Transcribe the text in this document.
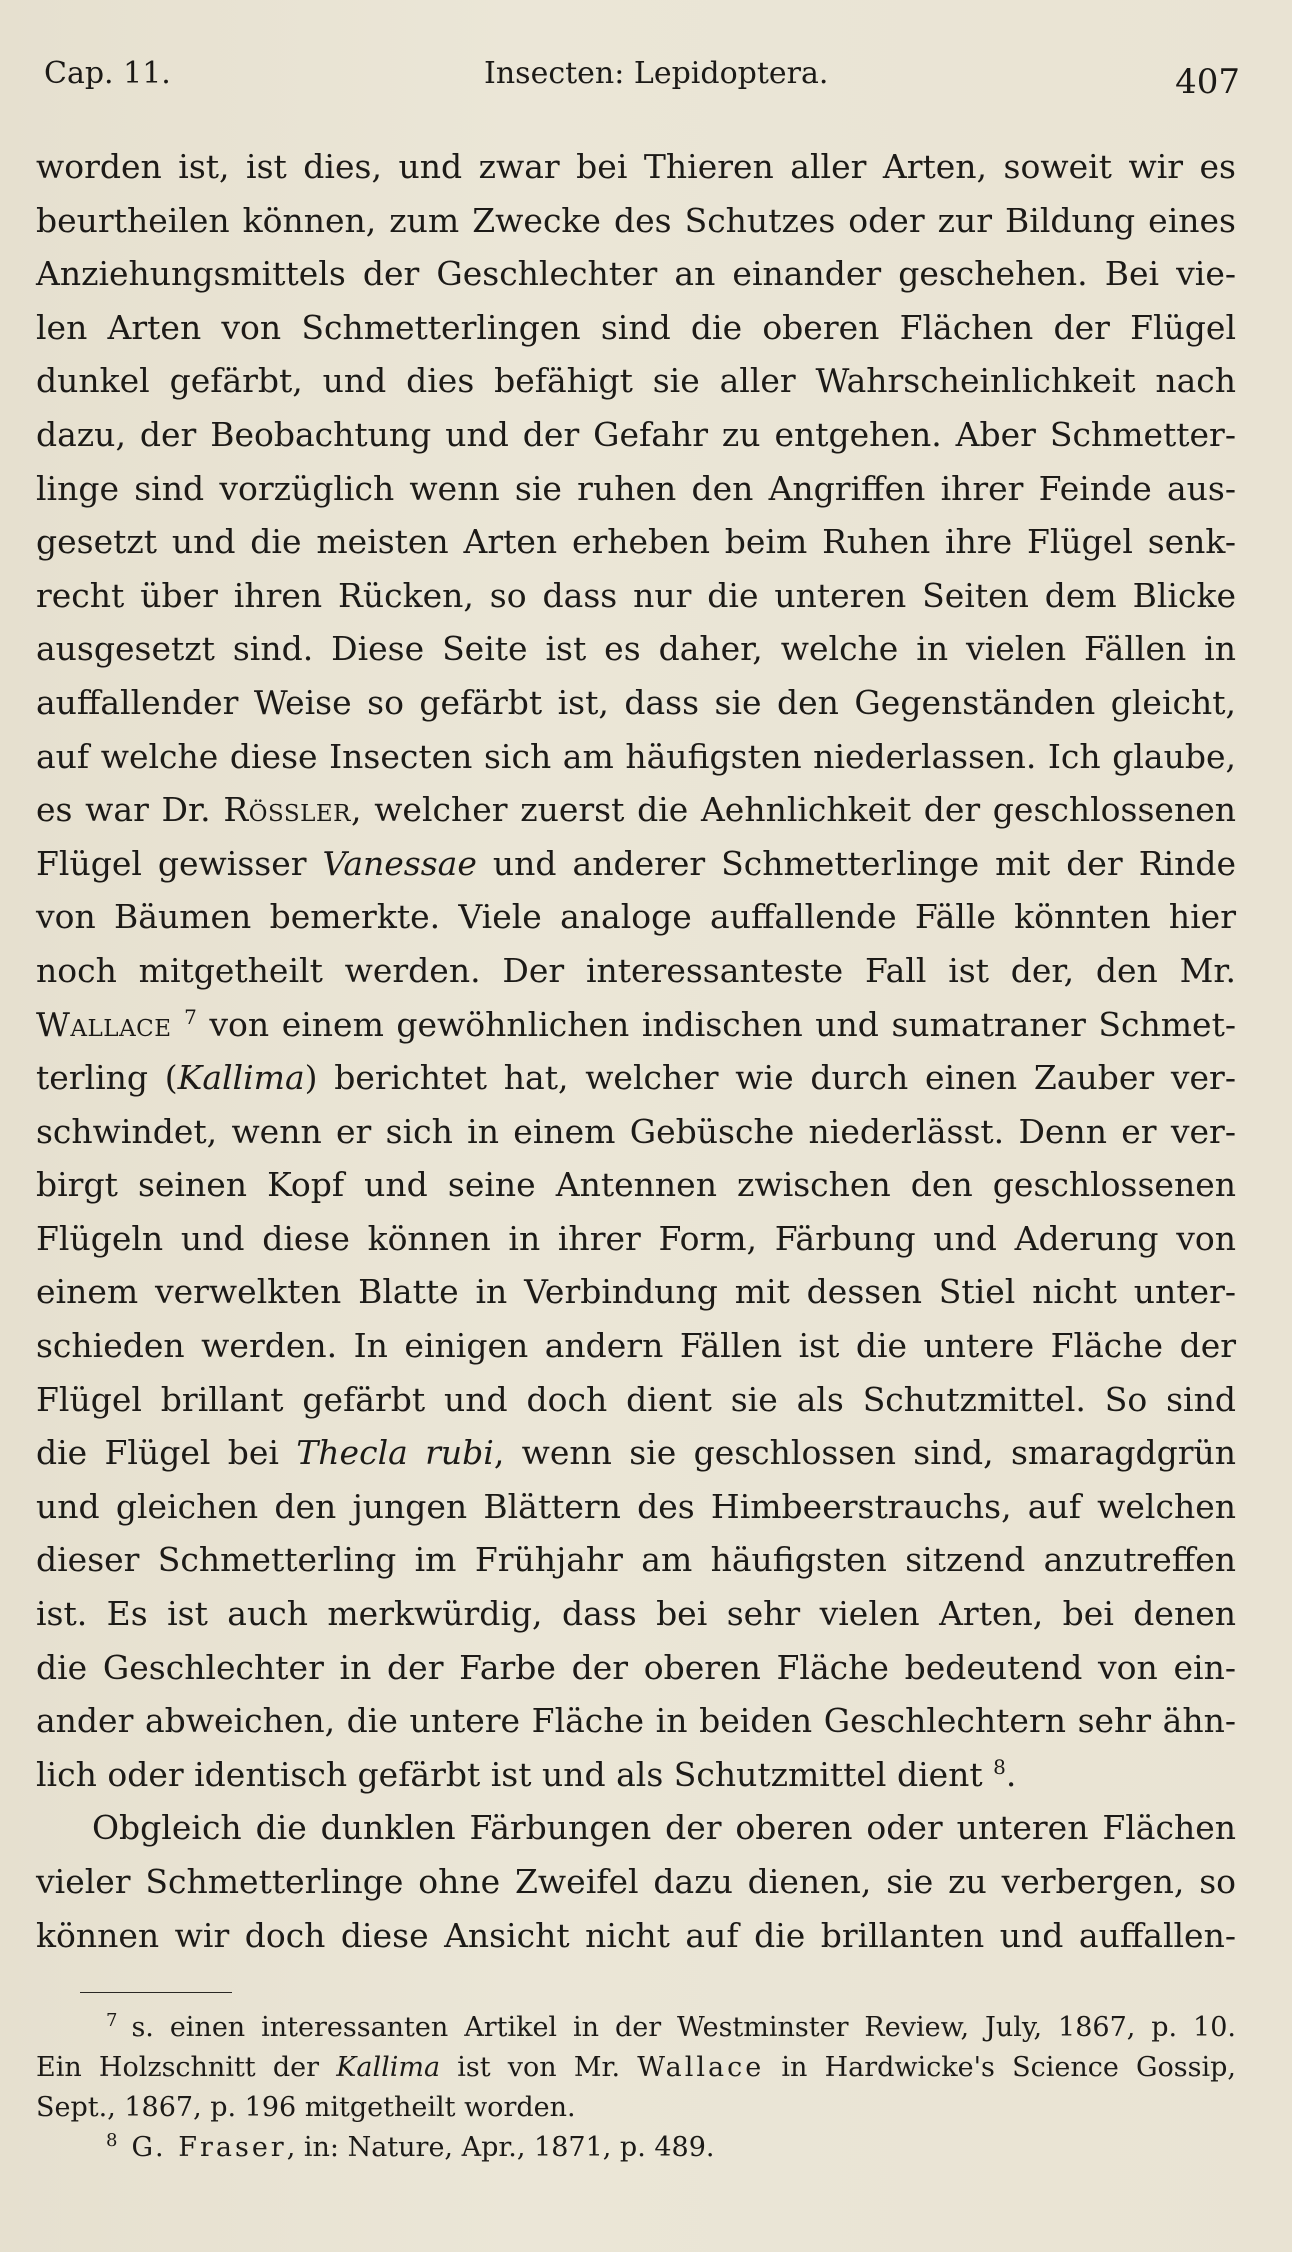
Cap. 11.	Insecten: Lepidoptera.	407

worden ist, ist dies, und zwar bei Thieren aller Arten, soweit wir es

beurtheilen können, zum Zwecke des Schutzes oder zur Bildung eines

Anziehungsmittels der Geschlechter an einander geschehen. Bei vie-

len Arten von Schmetterlingen sind die oberen Flächen der Flügel

dunkel gefärbt, und dies befähigt sie aller Wahrscheinlichkeit nach

dazu, der Beobachtung und der Gefahr zu entgehen. Aber Schmetter-

linge sind vorzüglich wenn sie ruhen den Angriffen ihrer Feinde aus-

gesetzt und die meisten Arten erheben beim Ruhen ihre Flügel senk-

recht über ihren Rücken, so dass nur die unteren Seiten dem Blicke

ausgesetzt sind. Diese Seite ist es daher, welche in vielen Fällen in

auffallender Weise so gefärbt ist, dass sie den Gegenständen gleicht,

auf welche diese Insecten sich am häufigsten niederlassen. Ich glaube,

es war Dr. Rössler, welcher zuerst die Aehnlichkeit der geschlossenen

Flügel gewisser Vanessae und anderer Schmetterlinge mit der Rinde

von Bäumen bemerkte. Viele analoge auffallende Fälle könnten hier

noch mitgetheilt werden. Der interessanteste Fall ist der, den Mr.

Wallace $^7$ von einem gewöhnlichen indischen und sumatraner Schmet-

terling (Kallima) berichtet hat, welcher wie durch einen Zauber ver-

schwindet, wenn er sich in einem Gebüsche niederlässt. Denn er ver-

birgt seinen Kopf und seine Antennen zwischen den geschlossenen

Flügeln und diese können in ihrer Form, Färbung und Aderung von

einem verwelkten Blatte in Verbindung mit dessen Stiel nicht unter-

schieden werden. In einigen andern Fällen ist die untere Fläche der

Flügel brillant gefärbt und doch dient sie als Schutzmittel. So sind

die Flügel bei Thecla rubi, wenn sie geschlossen sind, smaragdgrün

und gleichen den jungen Blättern des Himbeerstrauchs, auf welchen

dieser Schmetterling im Frühjahr am häufigsten sitzend anzutreffen

ist. Es ist auch merkwürdig, dass bei sehr vielen Arten, bei denen

die Geschlechter in der Farbe der oberen Fläche bedeutend von ein-

ander abweichen, die untere Fläche in beiden Geschlechtern sehr ähn-

lich oder identisch gefärbt ist und als Schutzmittel dient $^8$.

Obgleich die dunklen Färbungen der oberen oder unteren Flächen

vieler Schmetterlinge ohne Zweifel dazu dienen, sie zu verbergen, so

können wir doch diese Ansicht nicht auf die brillanten und auffallen-

$^7$ s. einen interessanten Artikel in der Westminster Review, July, 1867, p. 10.

Ein Holzschnitt der Kallima ist von Mr. Wallace in Hardwicke's Science Gossip,

Sept., 1867, p. 196 mitgetheilt worden.

$^8$ G. Fraser, in: Nature, Apr., 1871, p. 489.
